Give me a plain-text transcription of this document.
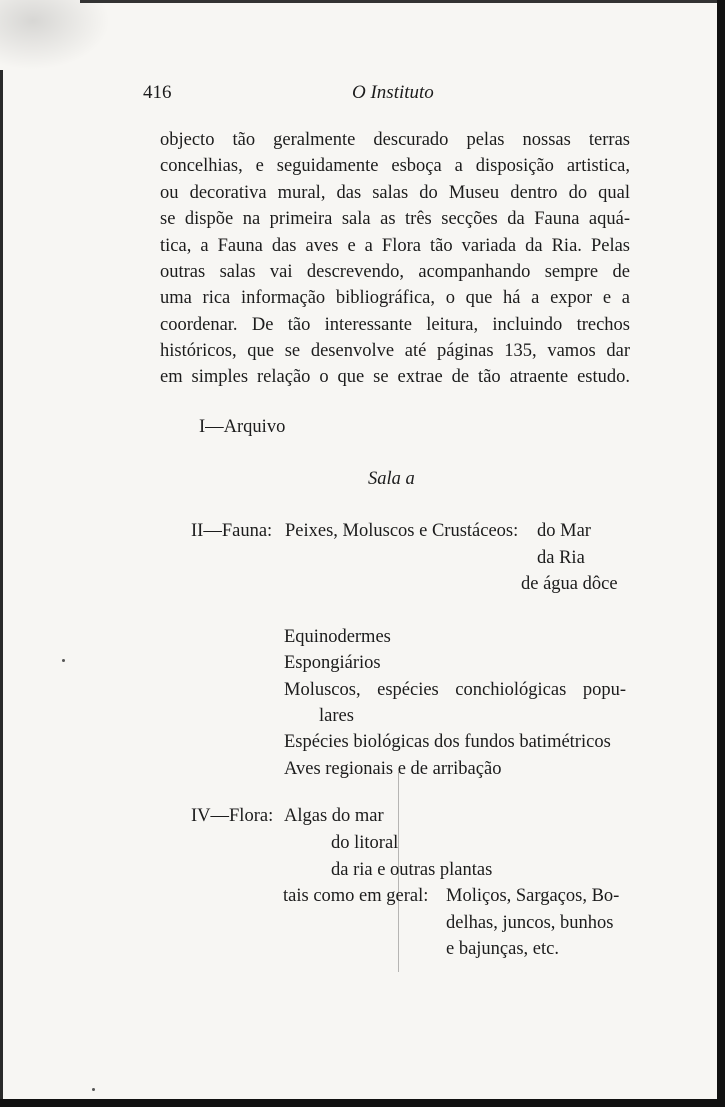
416	O Instituto
objecto tão geralmente descurado pelas nossas terras
concelhias, e seguidamente esboça a disposição artistica,
ou decorativa mural, das salas do Museu dentro do qual
se dispõe na primeira sala as três secções da Fauna aquá-
tica, a Fauna das aves e a Flora tão variada da Ria. Pelas
outras salas vai descrevendo, acompanhando sempre de
uma rica informação bibliográfica, o que há a expor e a
coordenar. De tão interessante leitura, incluindo trechos
históricos, que se desenvolve até páginas 135, vamos dar
em simples relação o que se extrae de tão atraente estudo.
I—Arquivo
Sala a
II—Fauna: Peixes, Moluscos e Crustáceos: do Mar
da Ria
de água dôce
Equinodermes
Espongiários
Moluscos, espécies conchiológicas popu-
lares
Espécies biológicas dos fundos batimétricos
Aves regionais e de arribação
IV—Flora: Algas do mar
do litoral
da ria e outras plantas
tais como em geral: Moliços, Sargaços, Bo-
delhas, juncos, bunhos
e bajunças, etc.
